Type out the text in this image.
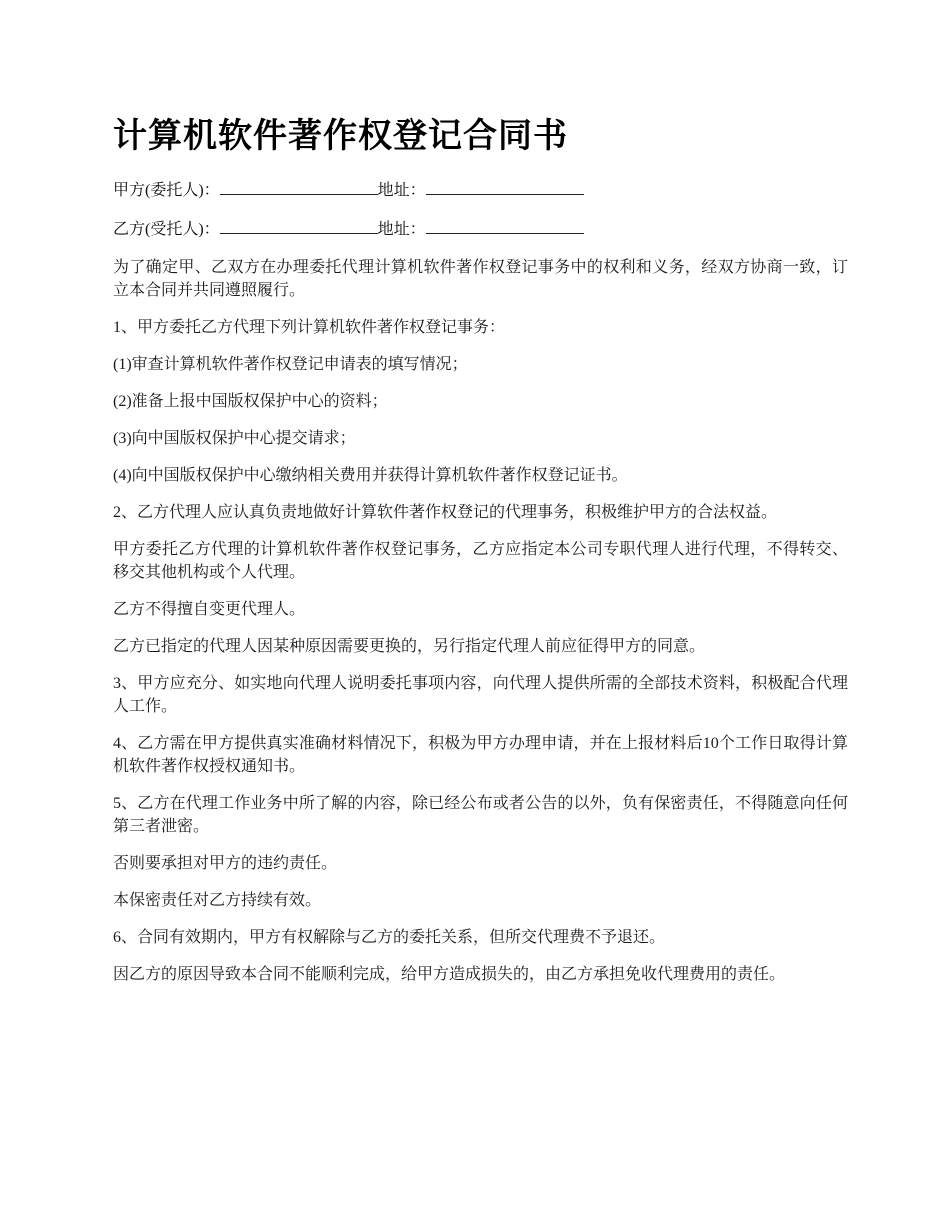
计算机软件著作权登记合同书
甲方(委托人)：	地址：
乙方(受托人)：	地址：

为了确定甲、乙双方在办理委托代理计算机软件著作权登记事务中的权利和义务，经双方协商一致，订立本合同并共同遵照履行。

1、甲方委托乙方代理下列计算机软件著作权登记事务：

(1)审查计算机软件著作权登记申请表的填写情况；

(2)准备上报中国版权保护中心的资料；

(3)向中国版权保护中心提交请求；

(4)向中国版权保护中心缴纳相关费用并获得计算机软件著作权登记证书。

2、乙方代理人应认真负责地做好计算软件著作权登记的代理事务，积极维护甲方的合法权益。

甲方委托乙方代理的计算机软件著作权登记事务，乙方应指定本公司专职代理人进行代理，不得转交、移交其他机构或个人代理。

乙方不得擅自变更代理人。

乙方已指定的代理人因某种原因需要更换的，另行指定代理人前应征得甲方的同意。

3、甲方应充分、如实地向代理人说明委托事项内容，向代理人提供所需的全部技术资料，积极配合代理人工作。

4、乙方需在甲方提供真实准确材料情况下，积极为甲方办理申请，并在上报材料后10个工作日取得计算机软件著作权授权通知书。

5、乙方在代理工作业务中所了解的内容，除已经公布或者公告的以外，负有保密责任，不得随意向任何第三者泄密。

否则要承担对甲方的违约责任。

本保密责任对乙方持续有效。

6、合同有效期内，甲方有权解除与乙方的委托关系，但所交代理费不予退还。

因乙方的原因导致本合同不能顺利完成，给甲方造成损失的，由乙方承担免收代理费用的责任。
